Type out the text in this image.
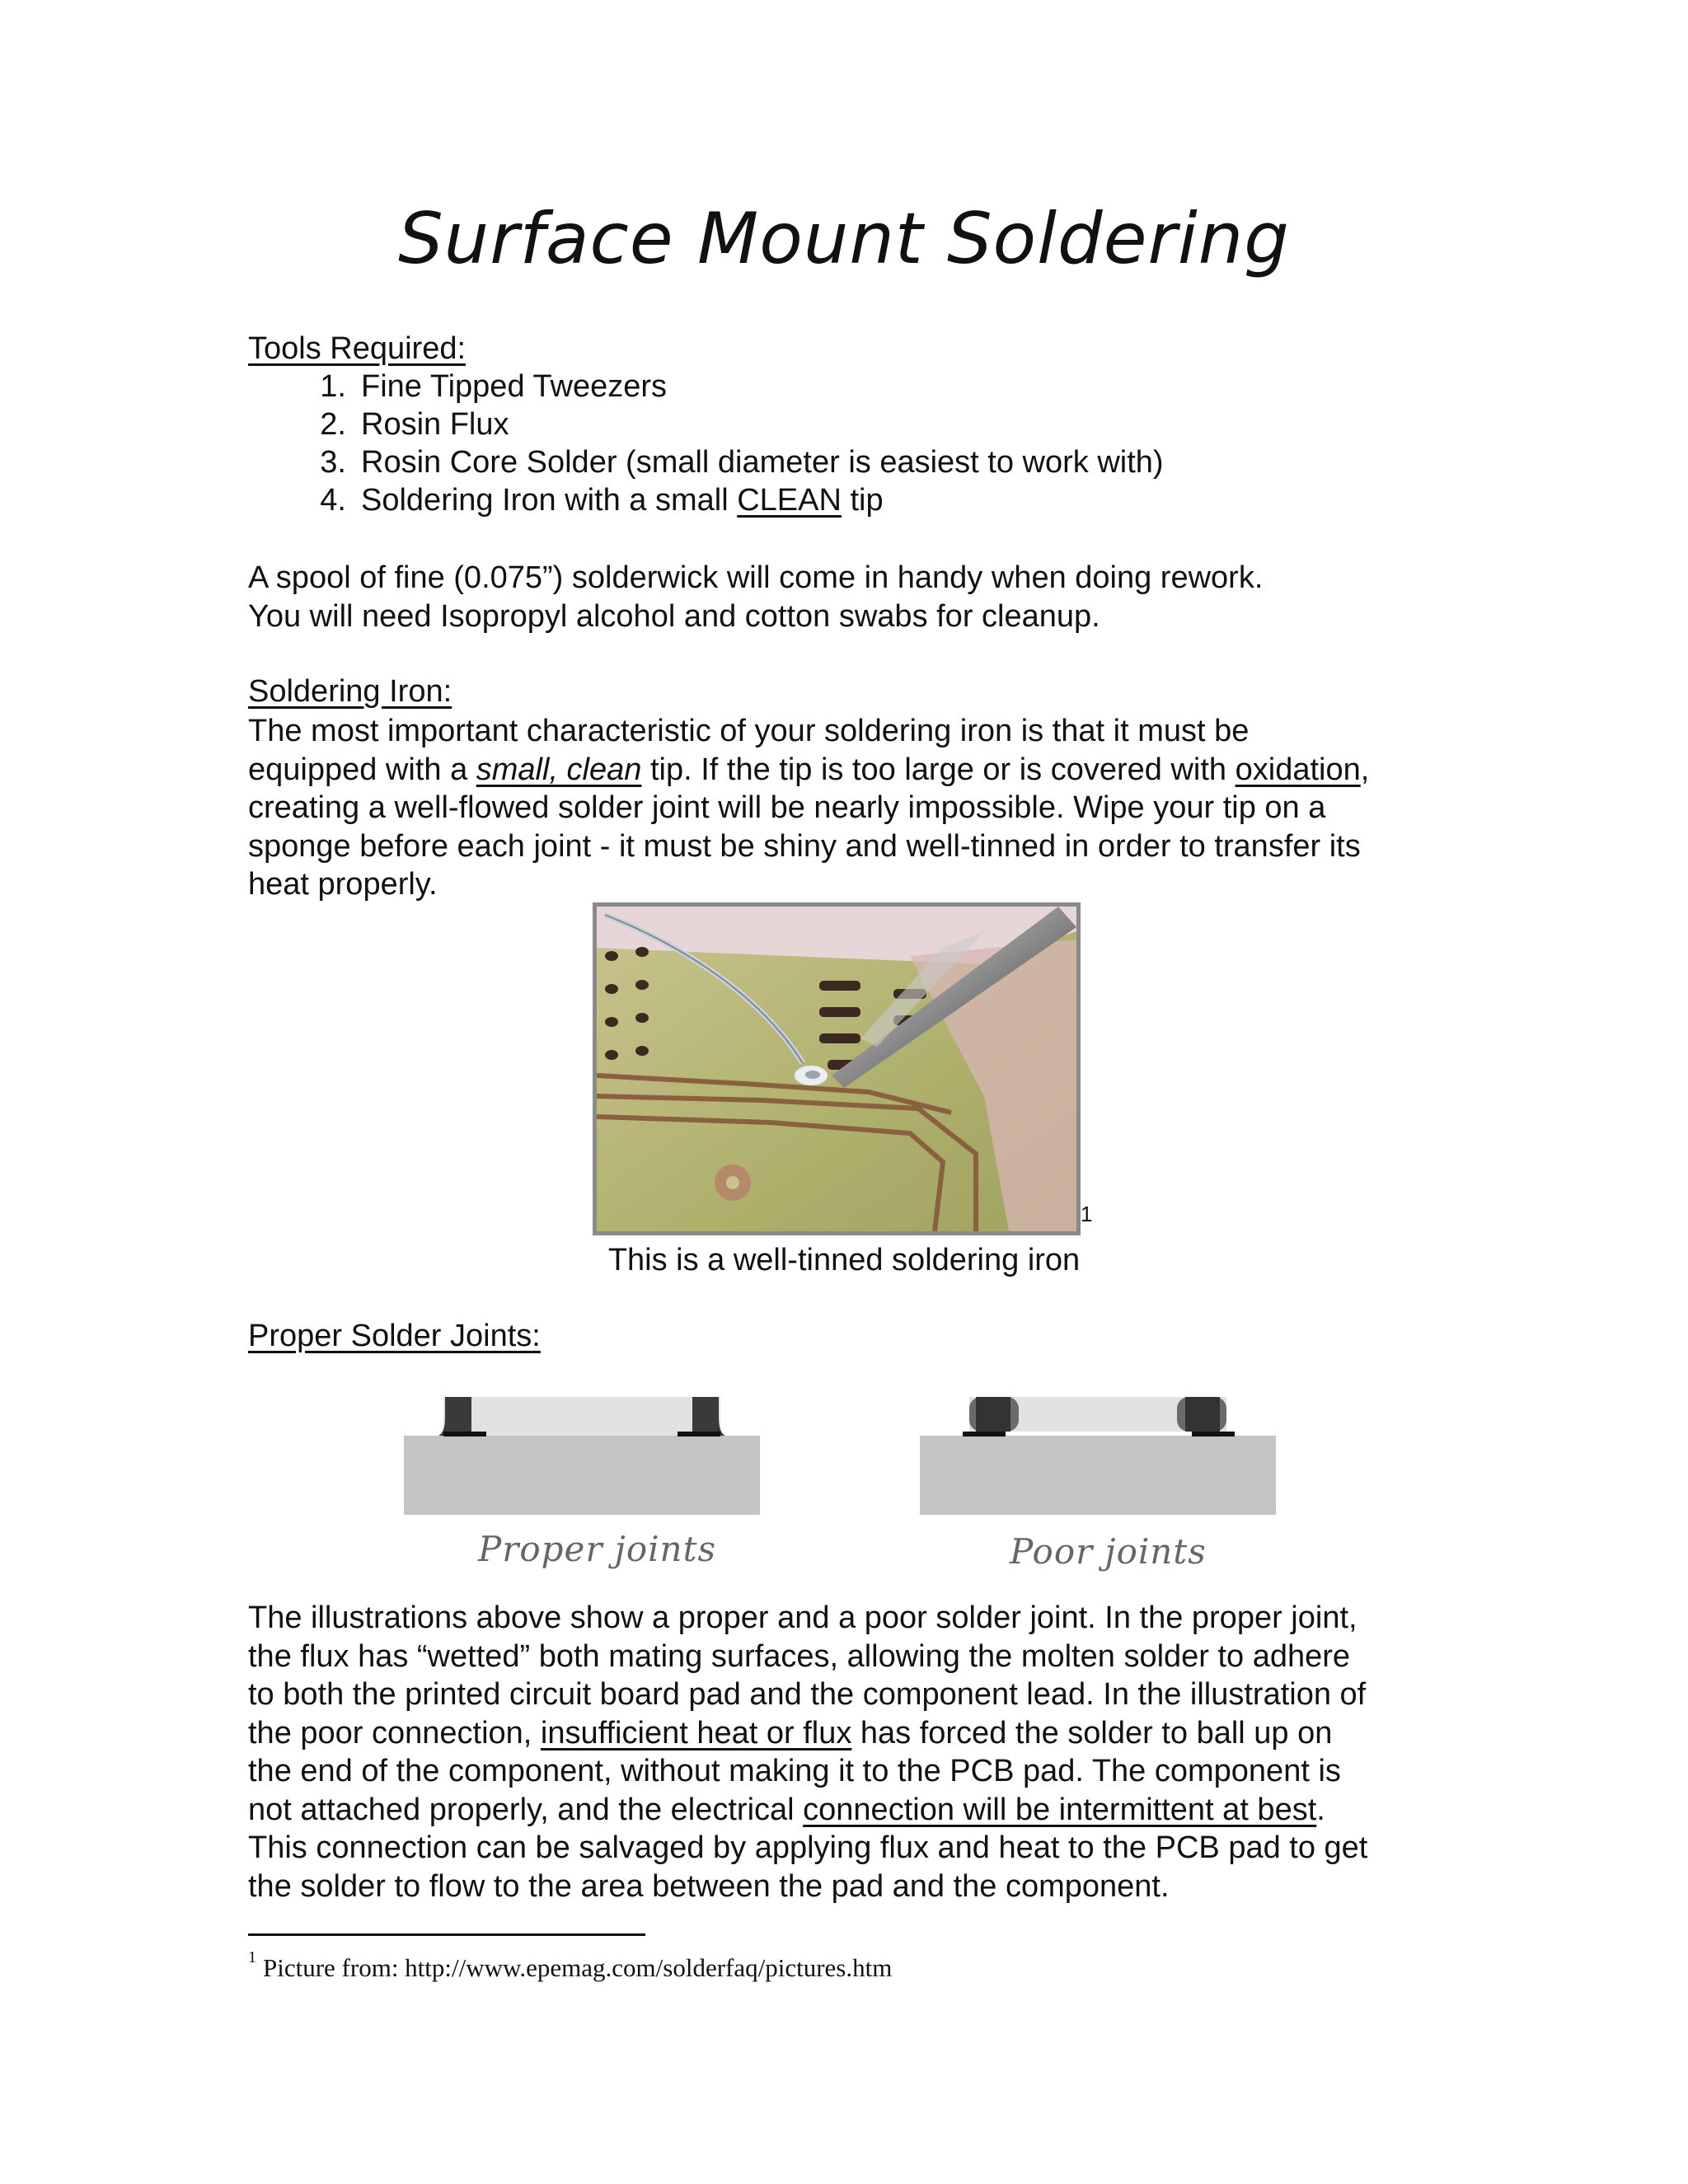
Surface Mount Soldering
Tools Required:
1. Fine Tipped Tweezers
2. Rosin Flux
3. Rosin Core Solder (small diameter is easiest to work with)
4. Soldering Iron with a small CLEAN tip

A spool of fine (0.075”) solderwick will come in handy when doing rework.
You will need Isopropyl alcohol and cotton swabs for cleanup.

Soldering Iron:

The most important characteristic of your soldering iron is that it must be
equipped with a small, clean tip. If the tip is too large or is covered with oxidation,
creating a well-flowed solder joint will be nearly impossible. Wipe your tip on a
sponge before each joint - it must be shiny and well-tinned in order to transfer its
heat properly.

1
This is a well-tinned soldering iron
Proper Solder Joints:
Proper joints	Poor joints

The illustrations above show a proper and a poor solder joint. In the proper joint,
the flux has “wetted” both mating surfaces, allowing the molten solder to adhere
to both the printed circuit board pad and the component lead. In the illustration of
the poor connection, insufficient heat or flux has forced the solder to ball up on
the end of the component, without making it to the PCB pad. The component is
not attached properly, and the electrical connection will be intermittent at best.
This connection can be salvaged by applying flux and heat to the PCB pad to get
the solder to flow to the area between the pad and the component.

$^1$ Picture from: http://www.epemag.com/solderfaq/pictures.htm
